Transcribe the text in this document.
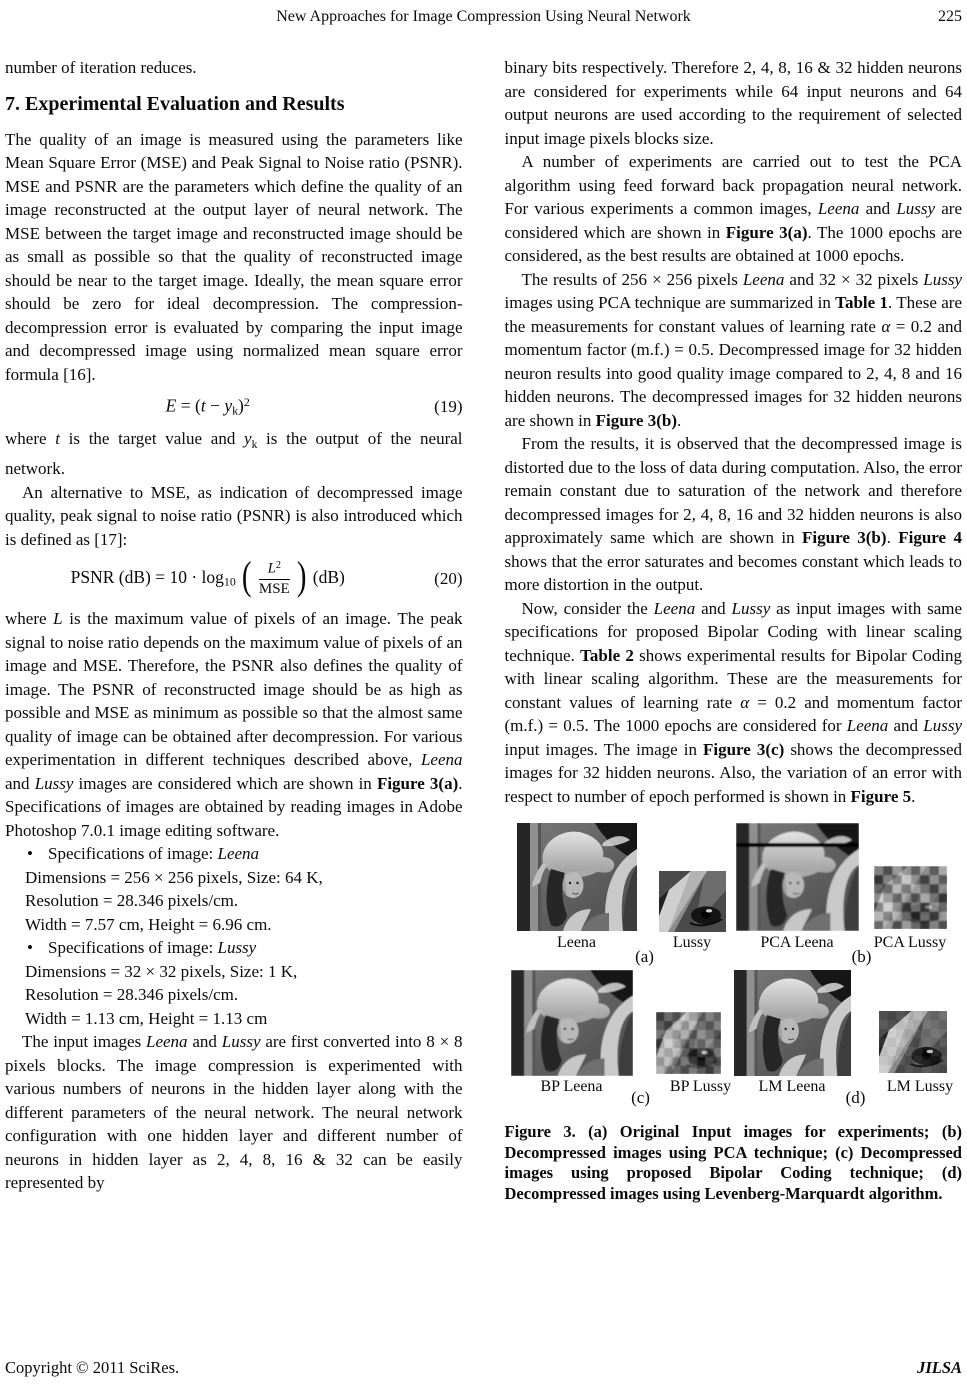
New Approaches for Image Compression Using Neural Network	225

number of iteration reduces.

7. Experimental Evaluation and Results

The quality of an image is measured using the parameters like Mean Square Error (MSE) and Peak Signal to Noise ratio (PSNR). MSE and PSNR are the parameters which define the quality of an image reconstructed at the output layer of neural network. The MSE between the target image and reconstructed image should be as small as possible so that the quality of reconstructed image should be near to the target image. Ideally, the mean square error should be zero for ideal decompression. The compression-decompression error is evaluated by comparing the input image and decompressed image using normalized mean square error formula [16].

$E = (t - y_k)^2$	(19)

where t is the target value and $y_k$ is the output of the neural network.

An alternative to MSE, as indication of decompressed image quality, peak signal to noise ratio (PSNR) is also introduced which is defined as [17]:

PSNR $(dB) = 10 \cdot \log_{10}$ ( $\frac{L^2}{\text{MSE}}$ ) (dB)	(20)

where L is the maximum value of pixels of an image. The peak signal to noise ratio depends on the maximum value of pixels of an image and MSE. Therefore, the PSNR also defines the quality of image. The PSNR of reconstructed image should be as high as possible and MSE as minimum as possible so that the almost same quality of image can be obtained after decompression. For various experimentation in different techniques described above, Leena and Lussy images are considered which are shown in Figure 3(a). Specifications of images are obtained by reading images in Adobe Photoshop 7.0.1 image editing software.

• Specifications of image: Leena
Dimensions = 256 × 256 pixels, Size: 64 K,
Resolution = 28.346 pixels/cm.
Width = 7.57 cm, Height = 6.96 cm.
• Specifications of image: Lussy
Dimensions = 32 × 32 pixels, Size: 1 K,
Resolution = 28.346 pixels/cm.
Width = 1.13 cm, Height = 1.13 cm

The input images Leena and Lussy are first converted into 8 × 8 pixels blocks. The image compression is experimented with various numbers of neurons in the hidden layer along with the different parameters of the neural network. The neural network configuration with one hidden layer and different number of neurons in hidden layer as 2, 4, 8, 16 & 32 can be easily represented by

binary bits respectively. Therefore 2, 4, 8, 16 & 32 hidden neurons are considered for experiments while 64 input neurons and 64 output neurons are used according to the requirement of selected input image pixels blocks size.

A number of experiments are carried out to test the PCA algorithm using feed forward back propagation neural network. For various experiments a common images, Leena and Lussy are considered which are shown in Figure 3(a). The 1000 epochs are considered, as the best results are obtained at 1000 epochs.

The results of 256 × 256 pixels Leena and 32 × 32 pixels Lussy images using PCA technique are summarized in Table 1. These are the measurements for constant values of learning rate α = 0.2 and momentum factor (m.f.) = 0.5. Decompressed image for 32 hidden neuron results into good quality image compared to 2, 4, 8 and 16 hidden neurons. The decompressed images for 32 hidden neurons are shown in Figure 3(b).

From the results, it is observed that the decompressed image is distorted due to the loss of data during computation. Also, the error remain constant due to saturation of the network and therefore decompressed images for 2, 4, 8, 16 and 32 hidden neurons is also approximately same which are shown in Figure 3(b). Figure 4 shows that the error saturates and becomes constant which leads to more distortion in the output.

Now, consider the Leena and Lussy as input images with same specifications for proposed Bipolar Coding with linear scaling technique. Table 2 shows experimental results for Bipolar Coding with linear scaling algorithm. These are the measurements for constant values of learning rate α = 0.2 and momentum factor (m.f.) = 0.5. The 1000 epochs are considered for Leena and Lussy input images. The image in Figure 3(c) shows the decompressed images for 32 hidden neurons. Also, the variation of an error with respect to number of epoch performed is shown in Figure 5.

Leena	Lussy	PCA Leena	PCA Lussy
(a)	(b)
BP Leena	BP Lussy	LM Leena	LM Lussy
(c)	(d)
Figure 3. (a) Original Input images for experiments; (b) Decompressed images using PCA technique; (c) Decompressed images using proposed Bipolar Coding technique; (d) Decompressed images using Levenberg-Marquardt algorithm.
Copyright © 2011 SciRes.	JILSA
